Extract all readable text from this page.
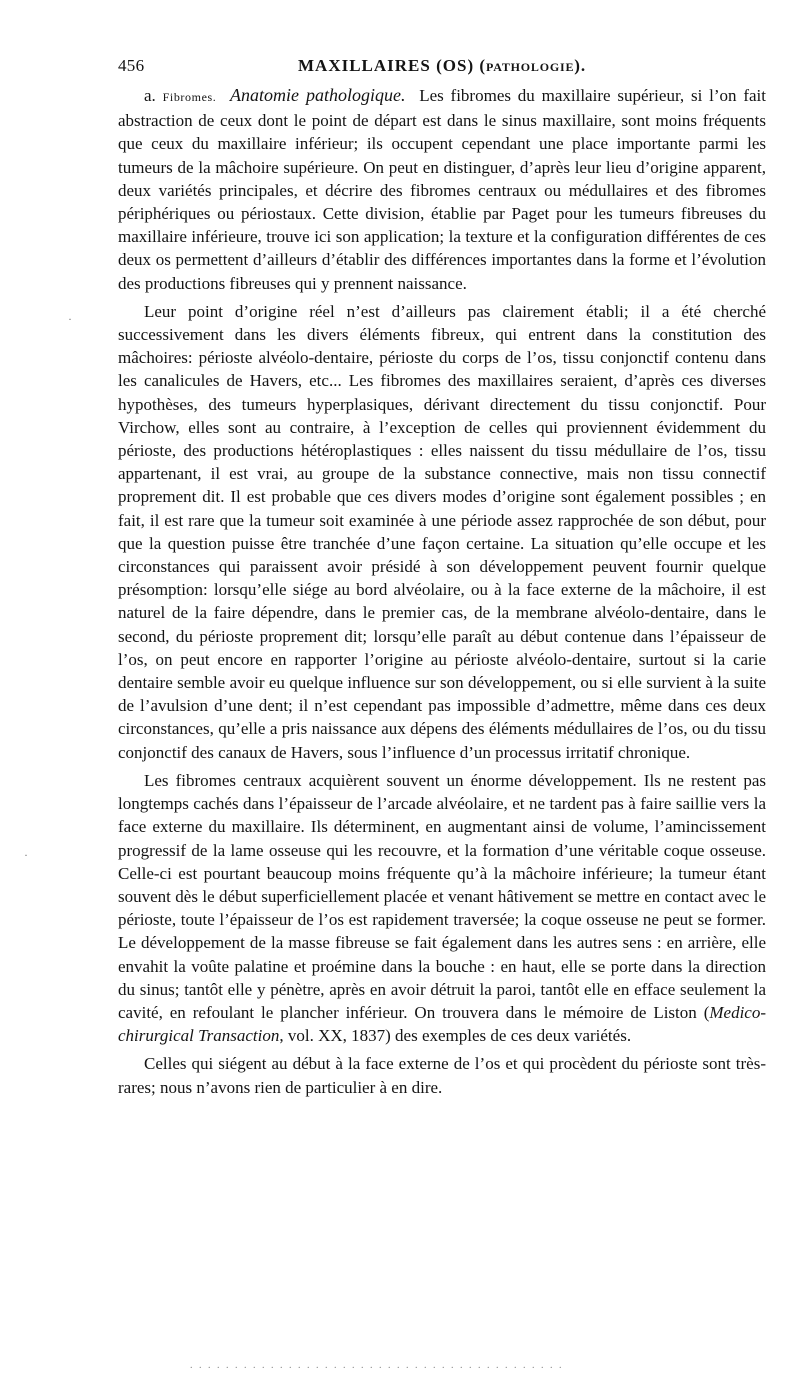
456	MAXILLAIRES (OS) (PATHOLOGIE).

a. Fibromes. Anatomie pathologique. Les fibromes du maxillaire supérieur, si l’on fait abstraction de ceux dont le point de départ est dans le sinus maxillaire, sont moins fréquents que ceux du maxillaire inférieur; ils occupent cependant une place importante parmi les tumeurs de la mâchoire supérieure. On peut en distinguer, d’après leur lieu d’origine apparent, deux variétés principales, et décrire des fibromes centraux ou médullaires et des fibromes périphériques ou périostaux. Cette division, établie par Paget pour les tumeurs fibreuses du maxillaire inférieure, trouve ici son application; la texture et la configuration différentes de ces deux os permettent d’ailleurs d’établir des différences importantes dans la forme et l’évolution des productions fibreuses qui y prennent naissance.

Leur point d’origine réel n’est d’ailleurs pas clairement établi; il a été cherché successivement dans les divers éléments fibreux, qui entrent dans la constitution des mâchoires: périoste alvéolo-dentaire, périoste du corps de l’os, tissu conjonctif contenu dans les canalicules de Havers, etc... Les fibromes des maxillaires seraient, d’après ces diverses hypothèses, des tumeurs hyperplasiques, dérivant directement du tissu conjonctif. Pour Virchow, elles sont au contraire, à l’exception de celles qui proviennent évidemment du périoste, des productions hétéroplastiques : elles naissent du tissu médullaire de l’os, tissu appartenant, il est vrai, au groupe de la substance connective, mais non tissu connectif proprement dit. Il est probable que ces divers modes d’origine sont également possibles ; en fait, il est rare que la tumeur soit examinée à une période assez rapprochée de son début, pour que la question puisse être tranchée d’une façon certaine. La situation qu’elle occupe et les circonstances qui paraissent avoir présidé à son développement peuvent fournir quelque présomption: lorsqu’elle siége au bord alvéolaire, ou à la face externe de la mâchoire, il est naturel de la faire dépendre, dans le premier cas, de la membrane alvéolo-dentaire, dans le second, du périoste proprement dit; lorsqu’elle paraît au début contenue dans l’épaisseur de l’os, on peut encore en rapporter l’origine au périoste alvéolo-dentaire, surtout si la carie dentaire semble avoir eu quelque influence sur son développement, ou si elle survient à la suite de l’avulsion d’une dent; il n’est cependant pas impossible d’admettre, même dans ces deux circonstances, qu’elle a pris naissance aux dépens des éléments médullaires de l’os, ou du tissu conjonctif des canaux de Havers, sous l’influence d’un processus irritatif chronique.

Les fibromes centraux acquièrent souvent un énorme développement. Ils ne restent pas longtemps cachés dans l’épaisseur de l’arcade alvéolaire, et ne tardent pas à faire saillie vers la face externe du maxillaire. Ils déterminent, en augmentant ainsi de volume, l’amincissement progressif de la lame osseuse qui les recouvre, et la formation d’une véritable coque osseuse. Celle-ci est pourtant beaucoup moins fréquente qu’à la mâchoire inférieure; la tumeur étant souvent dès le début superficiellement placée et venant hâtivement se mettre en contact avec le périoste, toute l’épaisseur de l’os est rapidement traversée; la coque osseuse ne peut se former. Le développement de la masse fibreuse se fait également dans les autres sens : en arrière, elle envahit la voûte palatine et proémine dans la bouche : en haut, elle se porte dans la direction du sinus; tantôt elle y pénètre, après en avoir détruit la paroi, tantôt elle en efface seulement la cavité, en refoulant le plancher inférieur. On trouvera dans le mémoire de Liston (Medico-chirurgical Transaction, vol. XX, 1837) des exemples de ces deux variétés.

Celles qui siégent au début à la face externe de l’os et qui procèdent du périoste sont très-rares; nous n’avons rien de particulier à en dire.

·
·
. . . . . . . . . . . . . . . . . . . . . . . . . . . . . . . . . . . . . . . . . .
